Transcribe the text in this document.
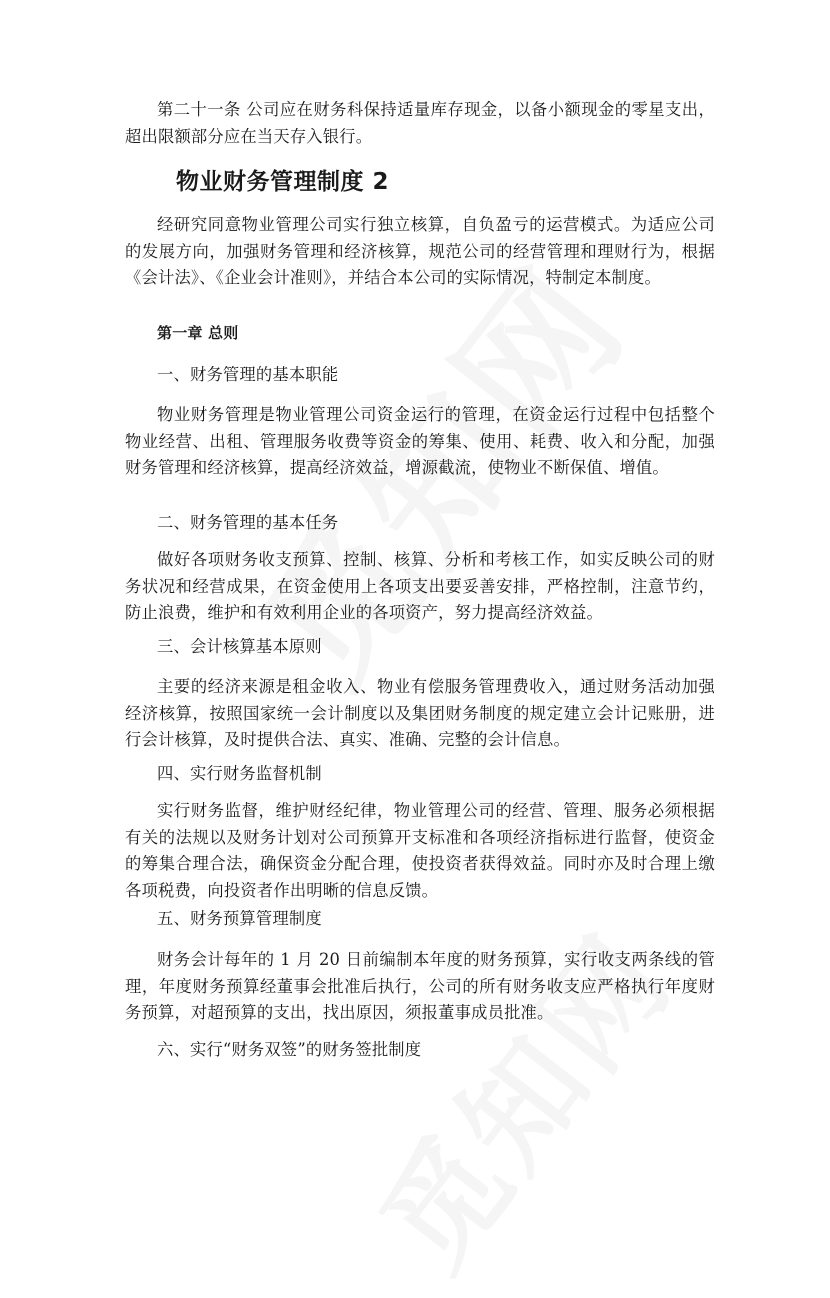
第二十一条 公司应在财务科保持适量库存现金，以备小额现金的零星支出，超出限额部分应在当天存入银行。

物业财务管理制度 2

经研究同意物业管理公司实行独立核算，自负盈亏的运营模式。为适应公司的发展方向，加强财务管理和经济核算，规范公司的经营管理和理财行为，根据《会计法》、《企业会计准则》，并结合本公司的实际情况，特制定本制度。

第一章 总则

一、财务管理的基本职能

物业财务管理是物业管理公司资金运行的管理，在资金运行过程中包括整个物业经营、出租、管理服务收费等资金的筹集、使用、耗费、收入和分配，加强财务管理和经济核算，提高经济效益，增源截流，使物业不断保值、增值。

二、财务管理的基本任务

做好各项财务收支预算、控制、核算、分析和考核工作，如实反映公司的财务状况和经营成果，在资金使用上各项支出要妥善安排，严格控制，注意节约，防止浪费，维护和有效利用企业的各项资产，努力提高经济效益。

三、会计核算基本原则

主要的经济来源是租金收入、物业有偿服务管理费收入，通过财务活动加强经济核算，按照国家统一会计制度以及集团财务制度的规定建立会计记账册，进行会计核算，及时提供合法、真实、准确、完整的会计信息。

四、实行财务监督机制

实行财务监督，维护财经纪律，物业管理公司的经营、管理、服务必须根据有关的法规以及财务计划对公司预算开支标准和各项经济指标进行监督，使资金的筹集合理合法，确保资金分配合理，使投资者获得效益。同时亦及时合理上缴各项税费，向投资者作出明晰的信息反馈。

五、财务预算管理制度

财务会计每年的 1 月 20 日前编制本年度的财务预算，实行收支两条线的管理，年度财务预算经董事会批准后执行，公司的所有财务收支应严格执行年度财务预算，对超预算的支出，找出原因，须报董事成员批准。

六、实行“财务双签”的财务签批制度
